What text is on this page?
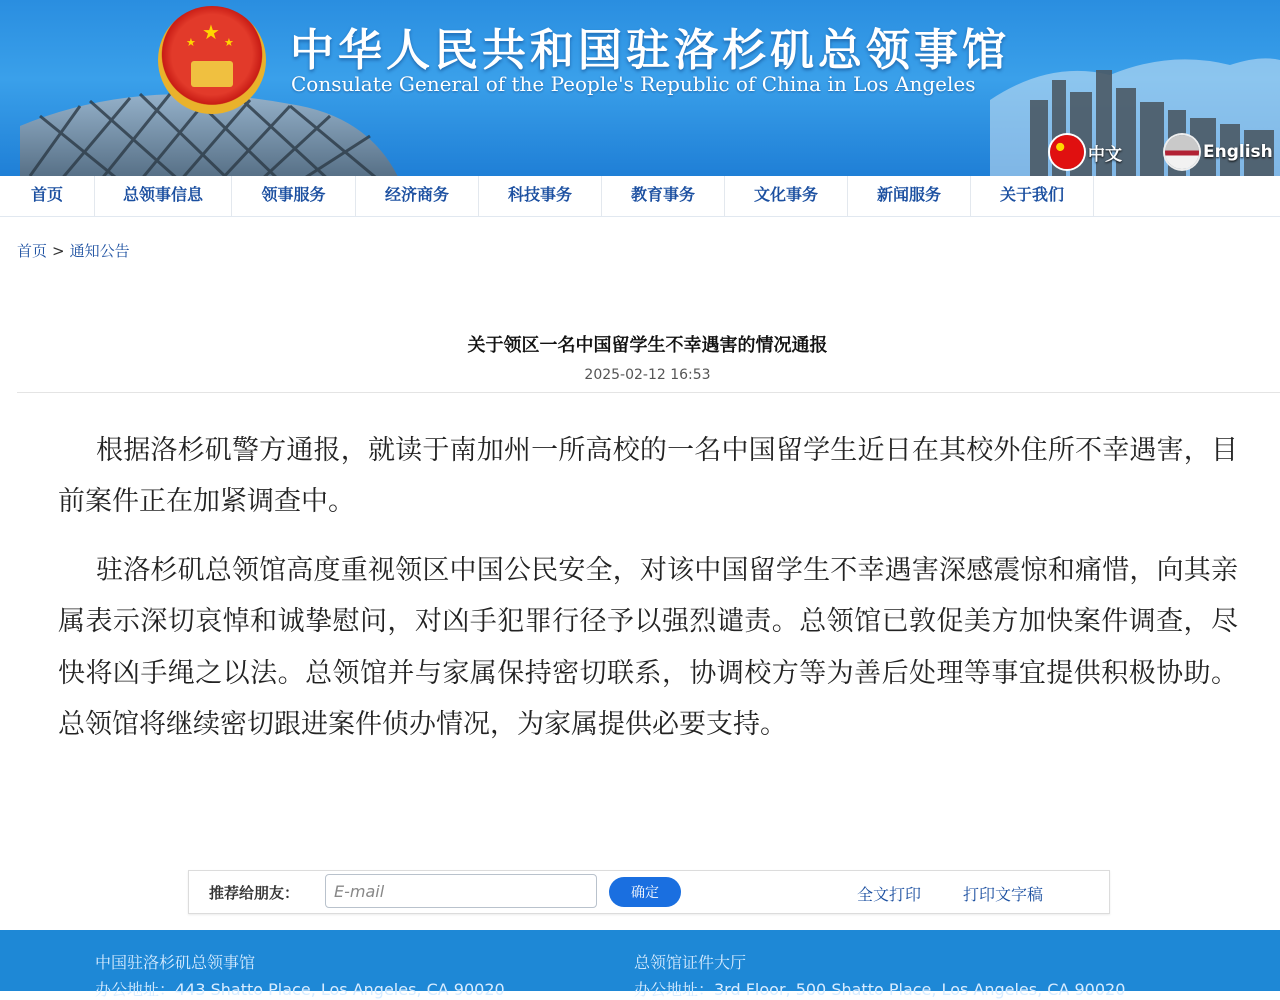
★
★	★ 中华人民共和国驻洛杉矶总领事馆
Consulate General of the People's Republic of China in Los Angeles
中文	English
首页	总领事信息	领事服务	经济商务	科技事务	教育事务	文化事务	新闻服务	关于我们
首页 > 通知公告
关于领区一名中国留学生不幸遇害的情况通报
2025-02-12 16:53

根据洛杉矶警方通报，就读于南加州一所高校的一名中国留学生近日在其校外住所不幸遇害，目前案件正在加紧调查中。

驻洛杉矶总领馆高度重视领区中国公民安全，对该中国留学生不幸遇害深感震惊和痛惜，向其亲属表示深切哀悼和诚挚慰问，对凶手犯罪行径予以强烈谴责。总领馆已敦促美方加快案件调查，尽快将凶手绳之以法。总领馆并与家属保持密切联系，协调校方等为善后处理等事宜提供积极协助。总领馆将继续密切跟进案件侦办情况，为家属提供必要支持。

推荐给朋友：
E-mail	确定	全文打印	打印文字稿
中国驻洛杉矶总领事馆
办公地址：443 Shatto Place, Los Angeles, CA 90020
总领馆证件大厅
办公地址：3rd Floor, 500 Shatto Place, Los Angeles, CA 90020
